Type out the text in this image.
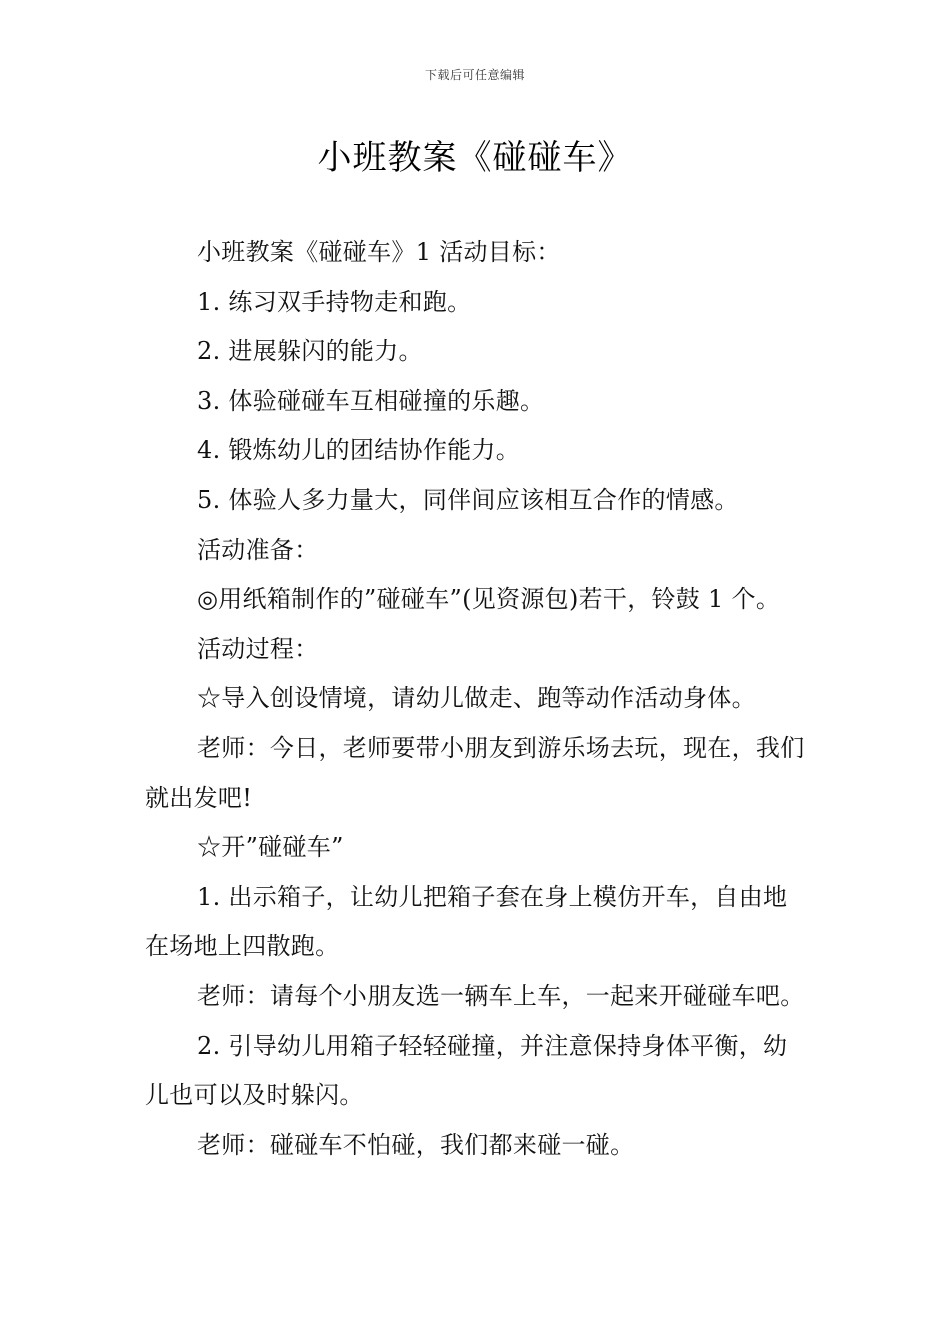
下载后可任意编辑
小班教案《碰碰车》

小班教案《碰碰车》1 活动目标：

1. 练习双手持物走和跑。

2. 进展躲闪的能力。

3. 体验碰碰车互相碰撞的乐趣。

4. 锻炼幼儿的团结协作能力。

5. 体验人多力量大，同伴间应该相互合作的情感。

活动准备：

◎用纸箱制作的”碰碰车”(见资源包)若干，铃鼓 1 个。

活动过程：

☆导入创设情境，请幼儿做走、跑等动作活动身体。

老师：今日，老师要带小朋友到游乐场去玩，现在，我们就出发吧!

☆开”碰碰车”

1. 出示箱子，让幼儿把箱子套在身上模仿开车，自由地在场地上四散跑。

老师：请每个小朋友选一辆车上车，一起来开碰碰车吧。

2. 引导幼儿用箱子轻轻碰撞，并注意保持身体平衡，幼儿也可以及时躲闪。

老师：碰碰车不怕碰，我们都来碰一碰。
